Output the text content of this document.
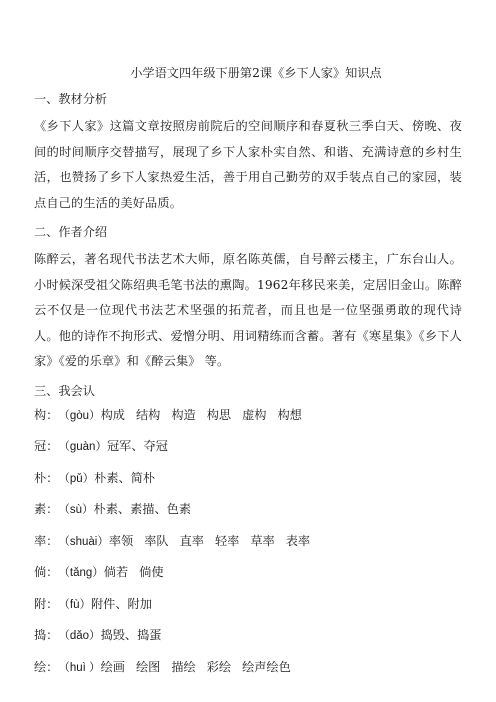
小学语文四年级下册第2课《乡下人家》知识点
一、教材分析
《乡下人家》这篇文章按照房前院后的空间顺序和春夏秋三季白天、傍晚、夜间的时间顺序交替描写，展现了乡下人家朴实自然、和谐、充满诗意的乡村生活，也赞扬了乡下人家热爱生活，善于用自己勤劳的双手装点自己的家园，装点自己的生活的美好品质。
二、作者介绍
陈醉云，著名现代书法艺术大师，原名陈英儒，自号醉云楼主，广东台山人。小时候深受祖父陈绍典毛笔书法的熏陶。1962年移民来美，定居旧金山。陈醉云不仅是一位现代书法艺术坚强的拓荒者，而且也是一位坚强勇敢的现代诗人。他的诗作不拘形式、爱憎分明、用词精练而含蓄。著有《寒星集》《乡下人家》《爱的乐章》和《醉云集》 等。
三、我会认
构：（gòu）构成 结构 构造 构思 虚构 构想
冠：（guàn）冠军、夺冠
朴：（pǔ）朴素、简朴
素：（sù）朴素、素描、色素
率：（shuài）率领 率队 直率 轻率 草率 表率
倘：（tǎng）倘若 倘使
附：（fù）附件、附加
捣：（dǎo）捣毁、捣蛋
绘：（huì ）绘画 绘图 描绘 彩绘 绘声绘色
